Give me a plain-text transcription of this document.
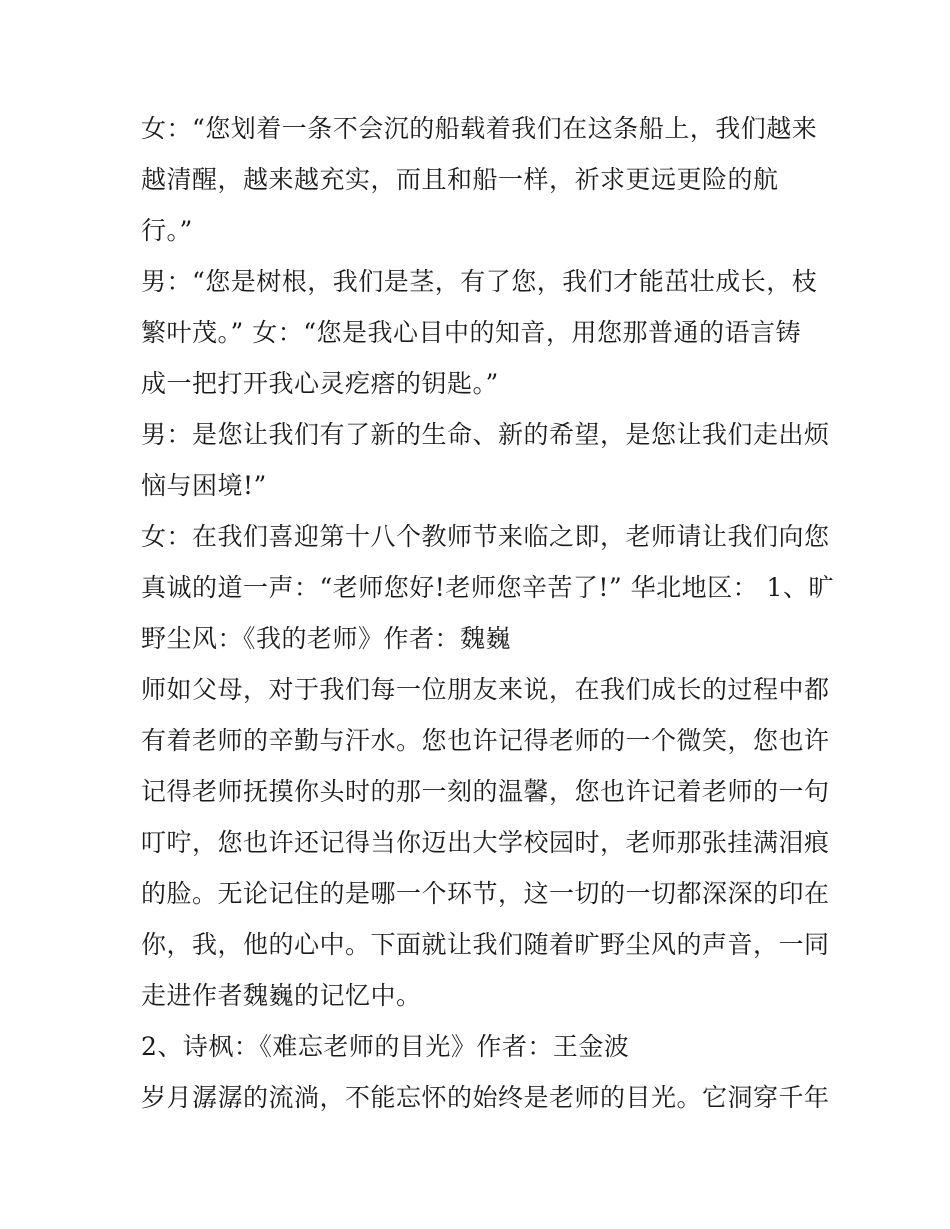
女：“您划着一条不会沉的船载着我们在这条船上，我们越来
越清醒，越来越充实，而且和船一样，祈求更远更险的航
行。”
男：“您是树根，我们是茎，有了您，我们才能茁壮成长，枝
繁叶茂。” 女：“您是我心目中的知音，用您那普通的语言铸
成一把打开我心灵疙瘩的钥匙。”
男：是您让我们有了新的生命、新的希望，是您让我们走出烦
恼与困境!”
女：在我们喜迎第十八个教师节来临之即，老师请让我们向您
真诚的道一声：“老师您好!老师您辛苦了!” 华北地区： 1、旷
野尘风：《我的老师》作者：魏巍
师如父母，对于我们每一位朋友来说，在我们成长的过程中都
有着老师的辛勤与汗水。您也许记得老师的一个微笑，您也许
记得老师抚摸你头时的那一刻的温馨，您也许记着老师的一句
叮咛，您也许还记得当你迈出大学校园时，老师那张挂满泪痕
的脸。无论记住的是哪一个环节，这一切的一切都深深的印在
你，我，他的心中。下面就让我们随着旷野尘风的声音，一同
走进作者魏巍的记忆中。
2、诗枫：《难忘老师的目光》作者：王金波
岁月潺潺的流淌，不能忘怀的始终是老师的目光。它洞穿千年
